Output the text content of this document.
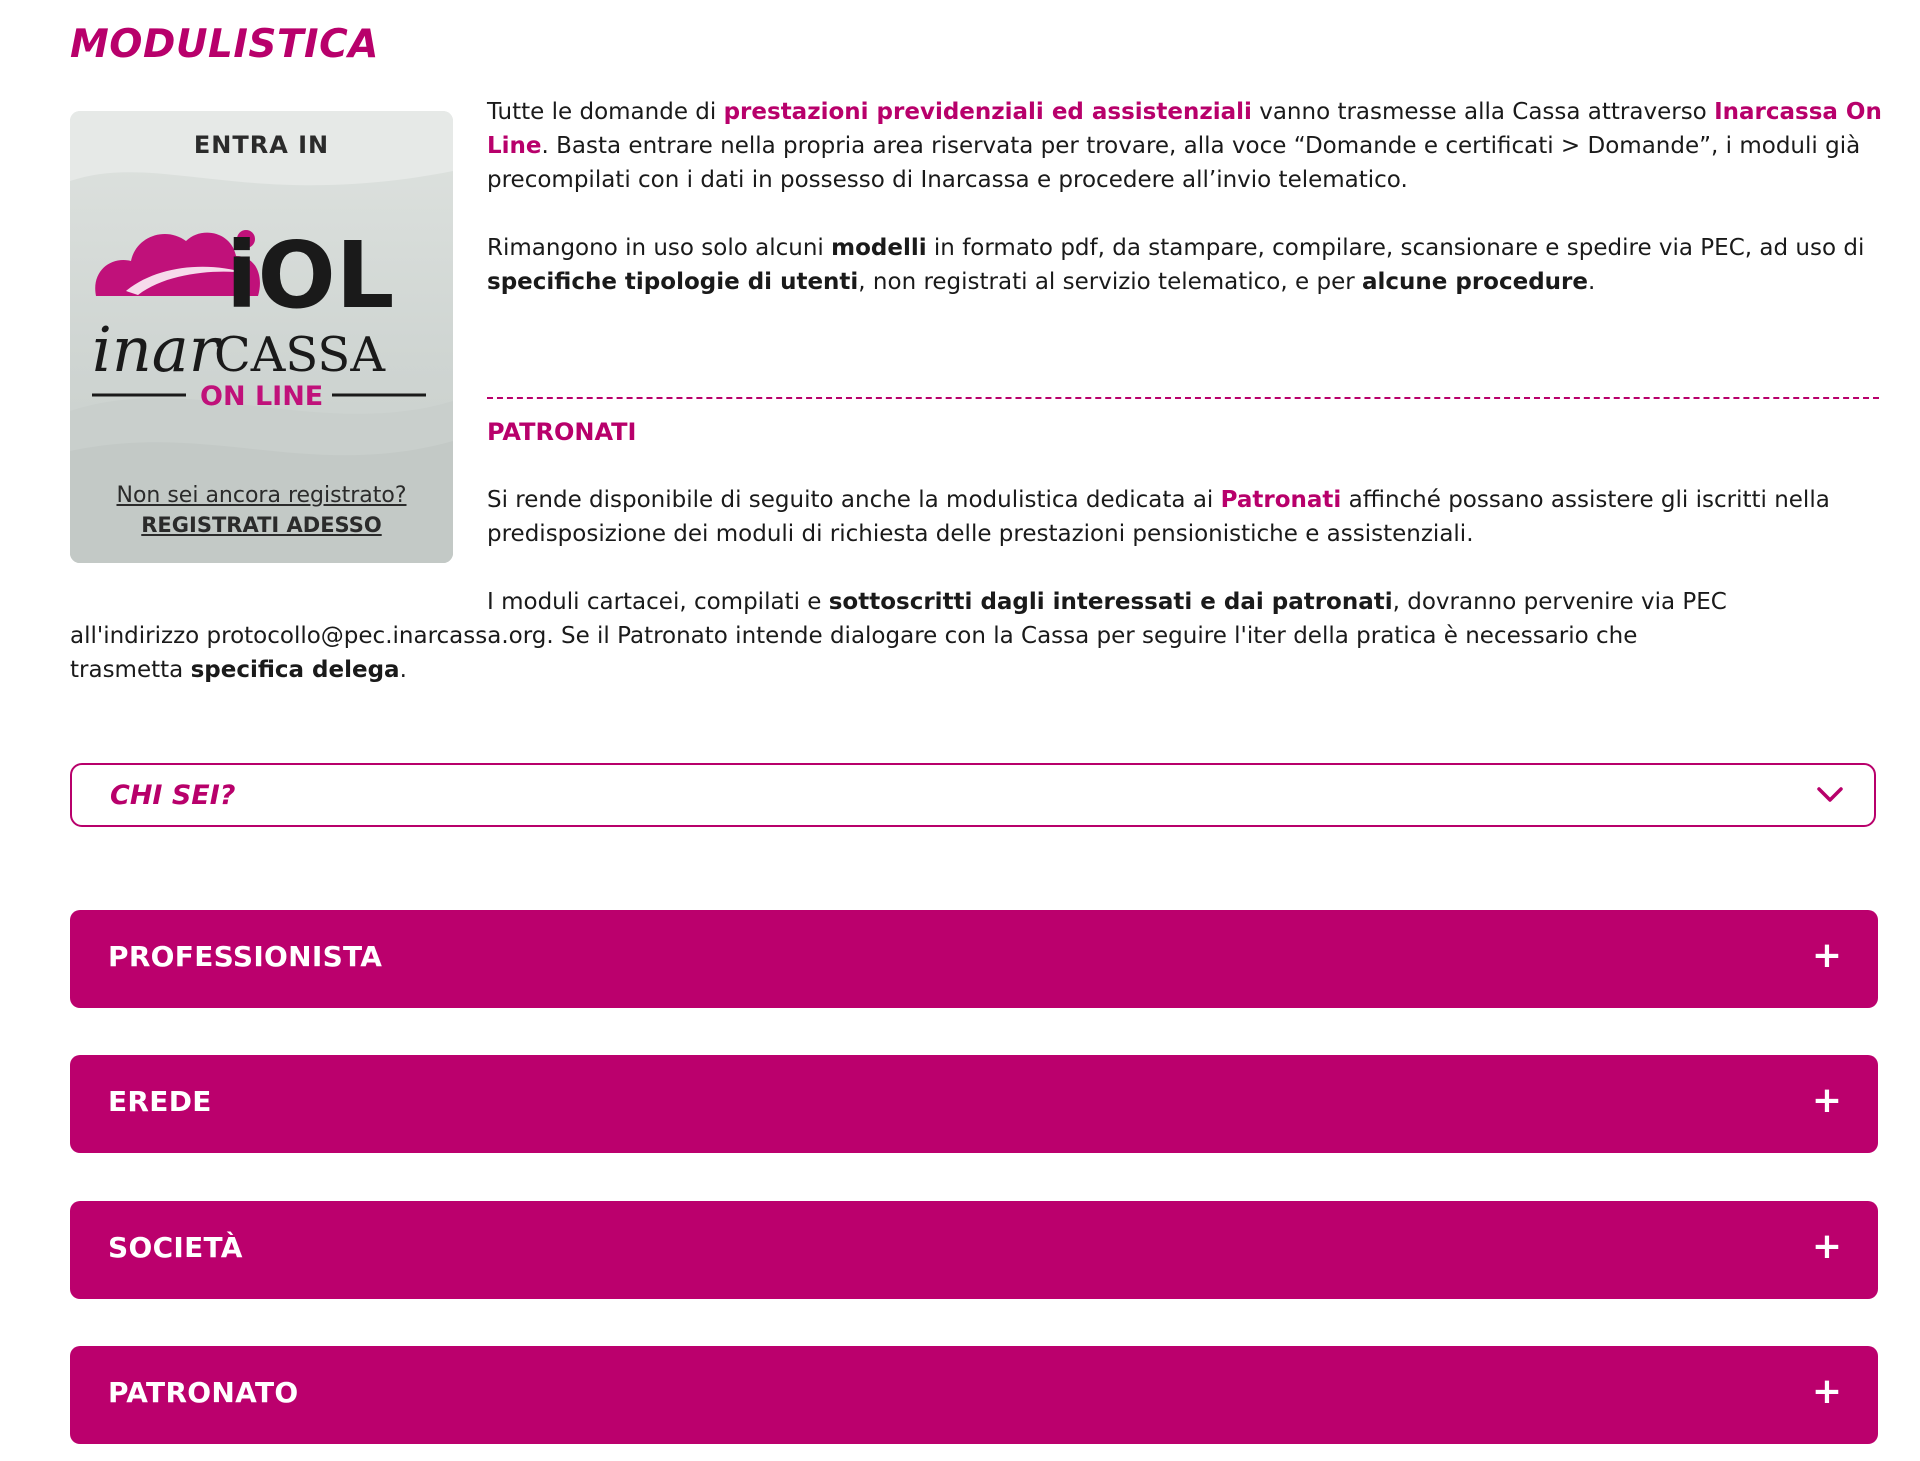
MODULISTICA
ENTRA IN
iOL
inar
CASSA
ON LINE
Non sei ancora registrato?
REGISTRATI ADESSO

Tutte le domande di prestazioni previdenziali ed assistenziali vanno trasmesse alla Cassa attraverso Inarcassa On Line. Basta entrare nella propria area riservata per trovare, alla voce “Domande e certificati > Domande”, i moduli già precompilati con i dati in possesso di Inarcassa e procedere all’invio telematico.

Rimangono in uso solo alcuni modelli in formato pdf, da stampare, compilare, scansionare e spedire via PEC, ad uso di specifiche tipologie di utenti, non registrati al servizio telematico, e per alcune procedure.

PATRONATI

Si rende disponibile di seguito anche la modulistica dedicata ai Patronati affinché possano assistere gli iscritti nella predisposizione dei moduli di richiesta delle prestazioni pensionistiche e assistenziali.

I moduli cartacei, compilati e sottoscritti dagli interessati e dai patronati, dovranno pervenire via PEC

all'indirizzo protocollo@pec.inarcassa.org. Se il Patronato intende dialogare con la Cassa per seguire l'iter della pratica è necessario che

trasmetta specifica delega.

CHI SEI?
PROFESSIONISTA	+
EREDE	+
SOCIETÀ	+
PATRONATO	+
